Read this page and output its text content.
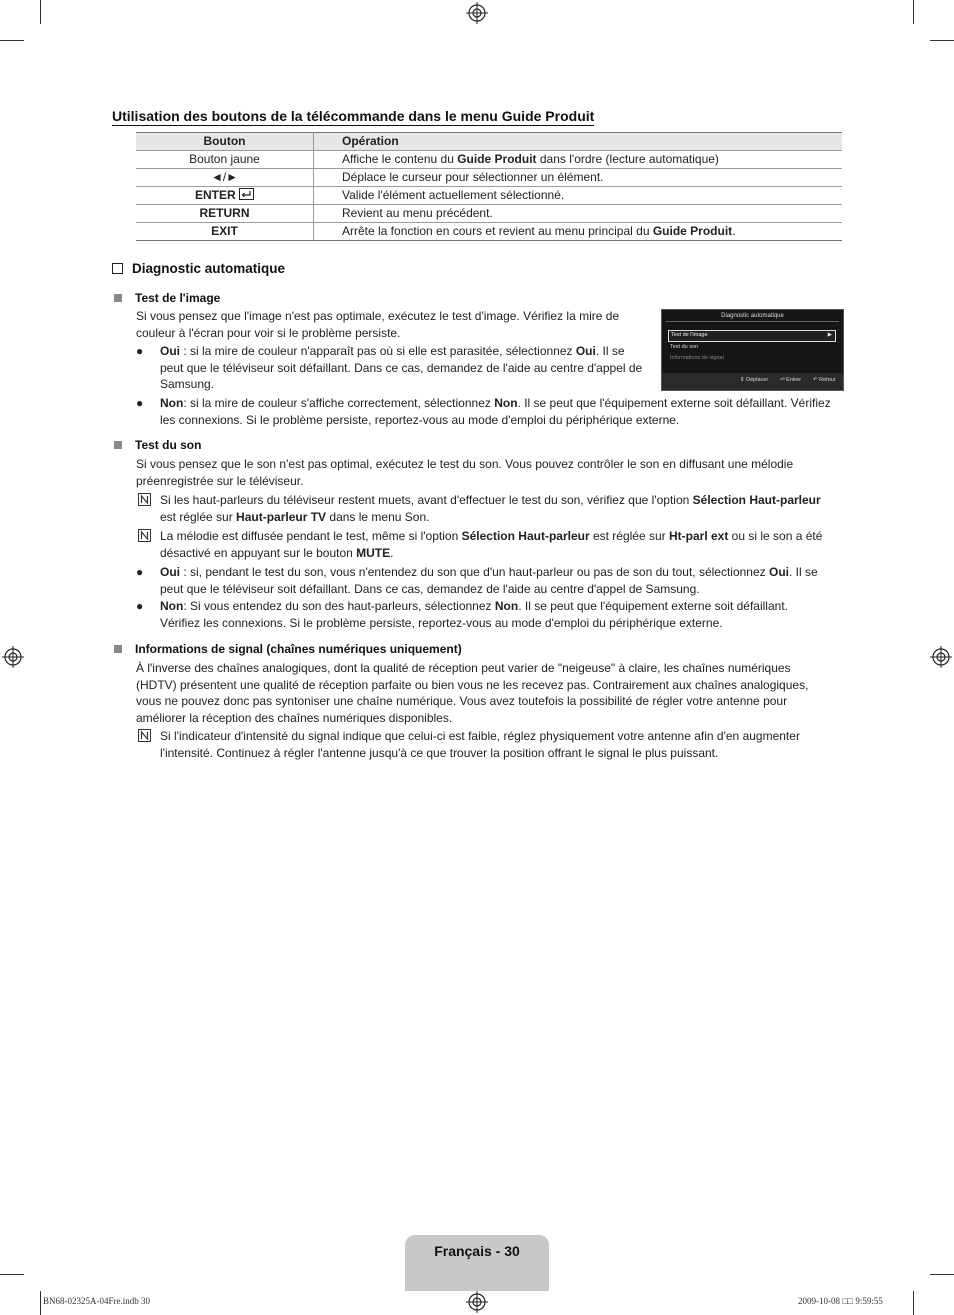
Utilisation des boutons de la télécommande dans le menu Guide Produit
Bouton	Opération
Bouton jaune	Affiche le contenu du Guide Produit dans l'ordre (lecture automatique)
◄/►	Déplace le curseur pour sélectionner un élément.
ENTER	Valide l'élément actuellement sélectionné.
RETURN	Revient au menu précédent.
EXIT	Arrête la fonction en cours et revient au menu principal du Guide Produit.
Diagnostic automatique
Test de l'image
Si vous pensez que l'image n'est pas optimale, exécutez le test d'image. Vérifiez la mire de
couleur à l'écran pour voir si le problème persiste.
●	Oui : si la mire de couleur n'apparaît pas où si elle est parasitée, sélectionnez Oui. Il se
peut que le téléviseur soit défaillant. Dans ce cas, demandez de l'aide au centre d'appel de
Samsung.
●	Non: si la mire de couleur s'affiche correctement, sélectionnez Non. Il se peut que l'équipement externe soit défaillant. Vérifiez
les connexions. Si le problème persiste, reportez-vous au mode d'emploi du périphérique externe.
Diagnostic automatique
Test de l'image	▶
Test du son
Informations de signal
⇕ Déplacer ⏎ Entrer ↶ Retour
Test du son
Si vous pensez que le son n'est pas optimal, exécutez le test du son. Vous pouvez contrôler le son en diffusant une mélodie
préenregistrée sur le téléviseur.
Si les haut-parleurs du téléviseur restent muets, avant d'effectuer le test du son, vérifiez que l'option Sélection Haut-parleur
est réglée sur Haut-parleur TV dans le menu Son.
La mélodie est diffusée pendant le test, même si l'option Sélection Haut-parleur est réglée sur Ht-parl ext ou si le son a été
désactivé en appuyant sur le bouton MUTE.
●	Oui : si, pendant le test du son, vous n'entendez du son que d'un haut-parleur ou pas de son du tout, sélectionnez Oui. Il se
peut que le téléviseur soit défaillant. Dans ce cas, demandez de l'aide au centre d'appel de Samsung.
●	Non: Si vous entendez du son des haut-parleurs, sélectionnez Non. Il se peut que l'équipement externe soit défaillant.
Vérifiez les connexions. Si le problème persiste, reportez-vous au mode d'emploi du périphérique externe.
Informations de signal (chaînes numériques uniquement)
À l'inverse des chaînes analogiques, dont la qualité de réception peut varier de "neigeuse" à claire, les chaînes numériques
(HDTV) présentent une qualité de réception parfaite ou bien vous ne les recevez pas. Contrairement aux chaînes analogiques,
vous ne pouvez donc pas syntoniser une chaîne numérique. Vous avez toutefois la possibilité de régler votre antenne pour
améliorer la réception des chaînes numériques disponibles.
Si l'indicateur d'intensité du signal indique que celui-ci est faible, réglez physiquement votre antenne afin d'en augmenter
l'intensité. Continuez à régler l'antenne jusqu'à ce que trouver la position offrant le signal le plus puissant.
Français - 30
BN68-02325A-04Fre.indb 30	2009-10-08 □□ 9:59:55
